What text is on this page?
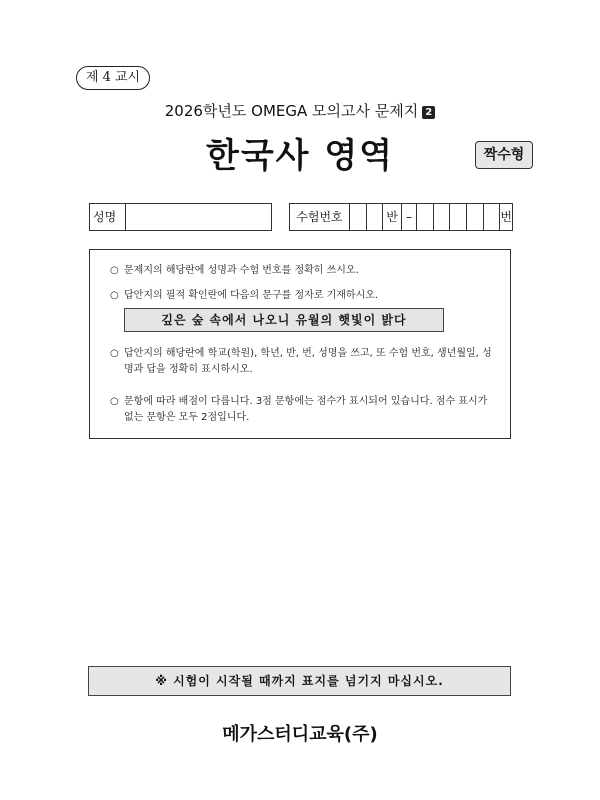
제 4 교시
2026학년도 OMEGA 모의고사 문제지 2
한국사 영역	짝수형
성명	수험번호	반 –	번
○ 문제지의 해당란에 성명과 수험 번호를 정확히 쓰시오.
○ 답안지의 필적 확인란에 다음의 문구를 정자로 기재하시오.
깊은 숲 속에서 나오니 유월의 햇빛이 밝다
○ 답안지의 해당란에 학교(학원), 학년, 반, 번, 성명을 쓰고, 또 수험 번호, 생년월일, 성명과 답을 정확히 표시하시오.
○ 문항에 따라 배점이 다릅니다. 3점 문항에는 점수가 표시되어 있습니다. 점수 표시가 없는 문항은 모두 2점입니다.
※ 시험이 시작될 때까지 표지를 넘기지 마십시오.
메가스터디교육(주)
